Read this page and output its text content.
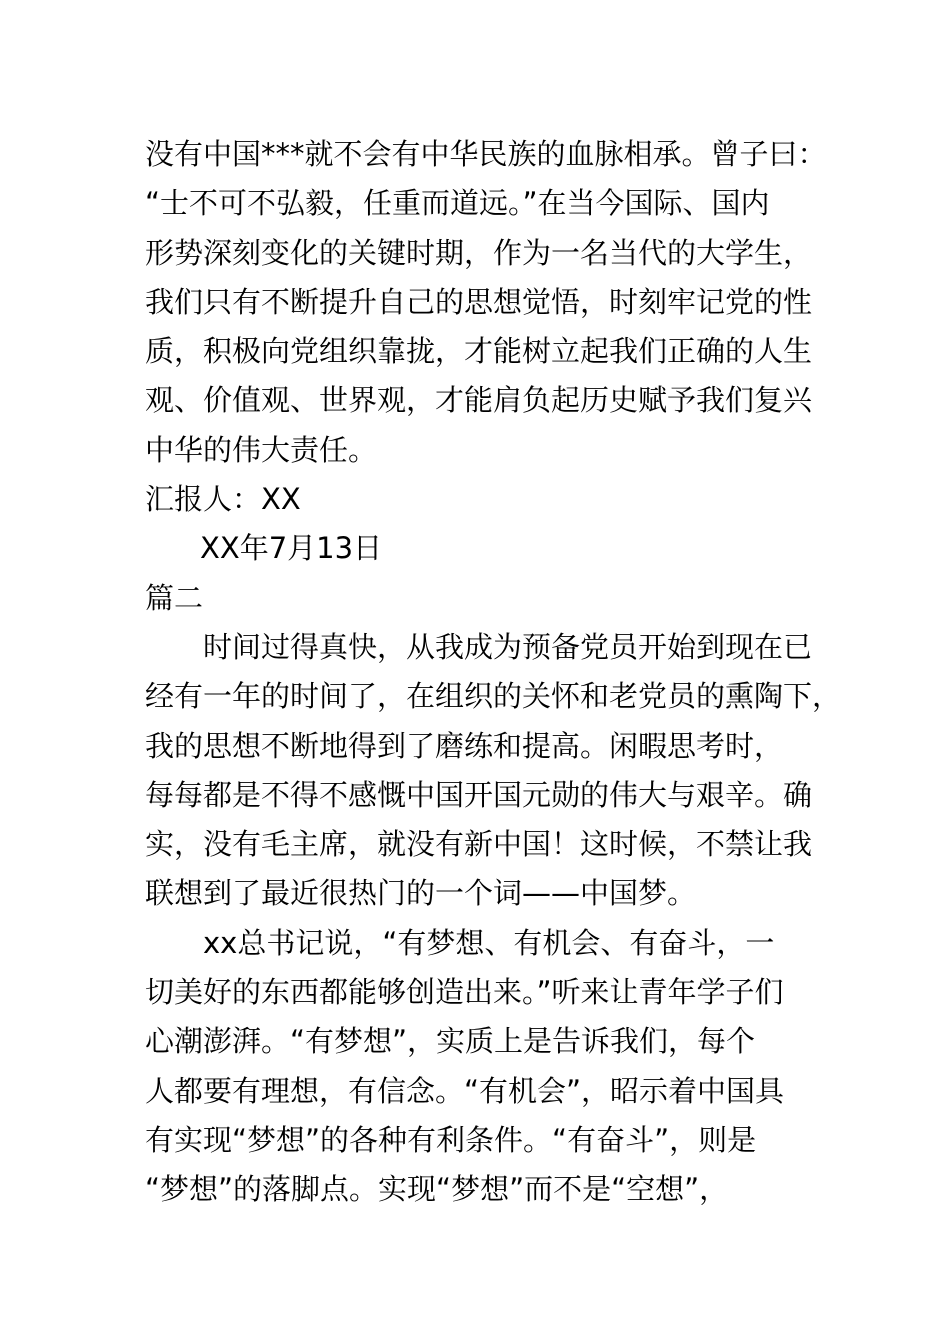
没有中国***就不会有中华民族的血脉相承。曾子曰：
“士不可不弘毅，任重而道远。”在当今国际、国内
形势深刻变化的关键时期，作为一名当代的大学生，
我们只有不断提升自己的思想觉悟，时刻牢记党的性
质，积极向党组织靠拢，才能树立起我们正确的人生
观、价值观、世界观，才能肩负起历史赋予我们复兴
中华的伟大责任。
汇报人：XX
XX年7月13日
篇二
时间过得真快，从我成为预备党员开始到现在已
经有一年的时间了，在组织的关怀和老党员的熏陶下，
我的思想不断地得到了磨练和提高。闲暇思考时，
每每都是不得不感慨中国开国元勋的伟大与艰辛。确
实，没有毛主席，就没有新中国！这时候，不禁让我
联想到了最近很热门的一个词——中国梦。
xx总书记说，“有梦想、有机会、有奋斗，一
切美好的东西都能够创造出来。”听来让青年学子们
心潮澎湃。“有梦想”，实质上是告诉我们，每个
人都要有理想，有信念。“有机会”，昭示着中国具
有实现“梦想”的各种有利条件。“有奋斗”，则是
“梦想”的落脚点。实现“梦想”而不是“空想”，
